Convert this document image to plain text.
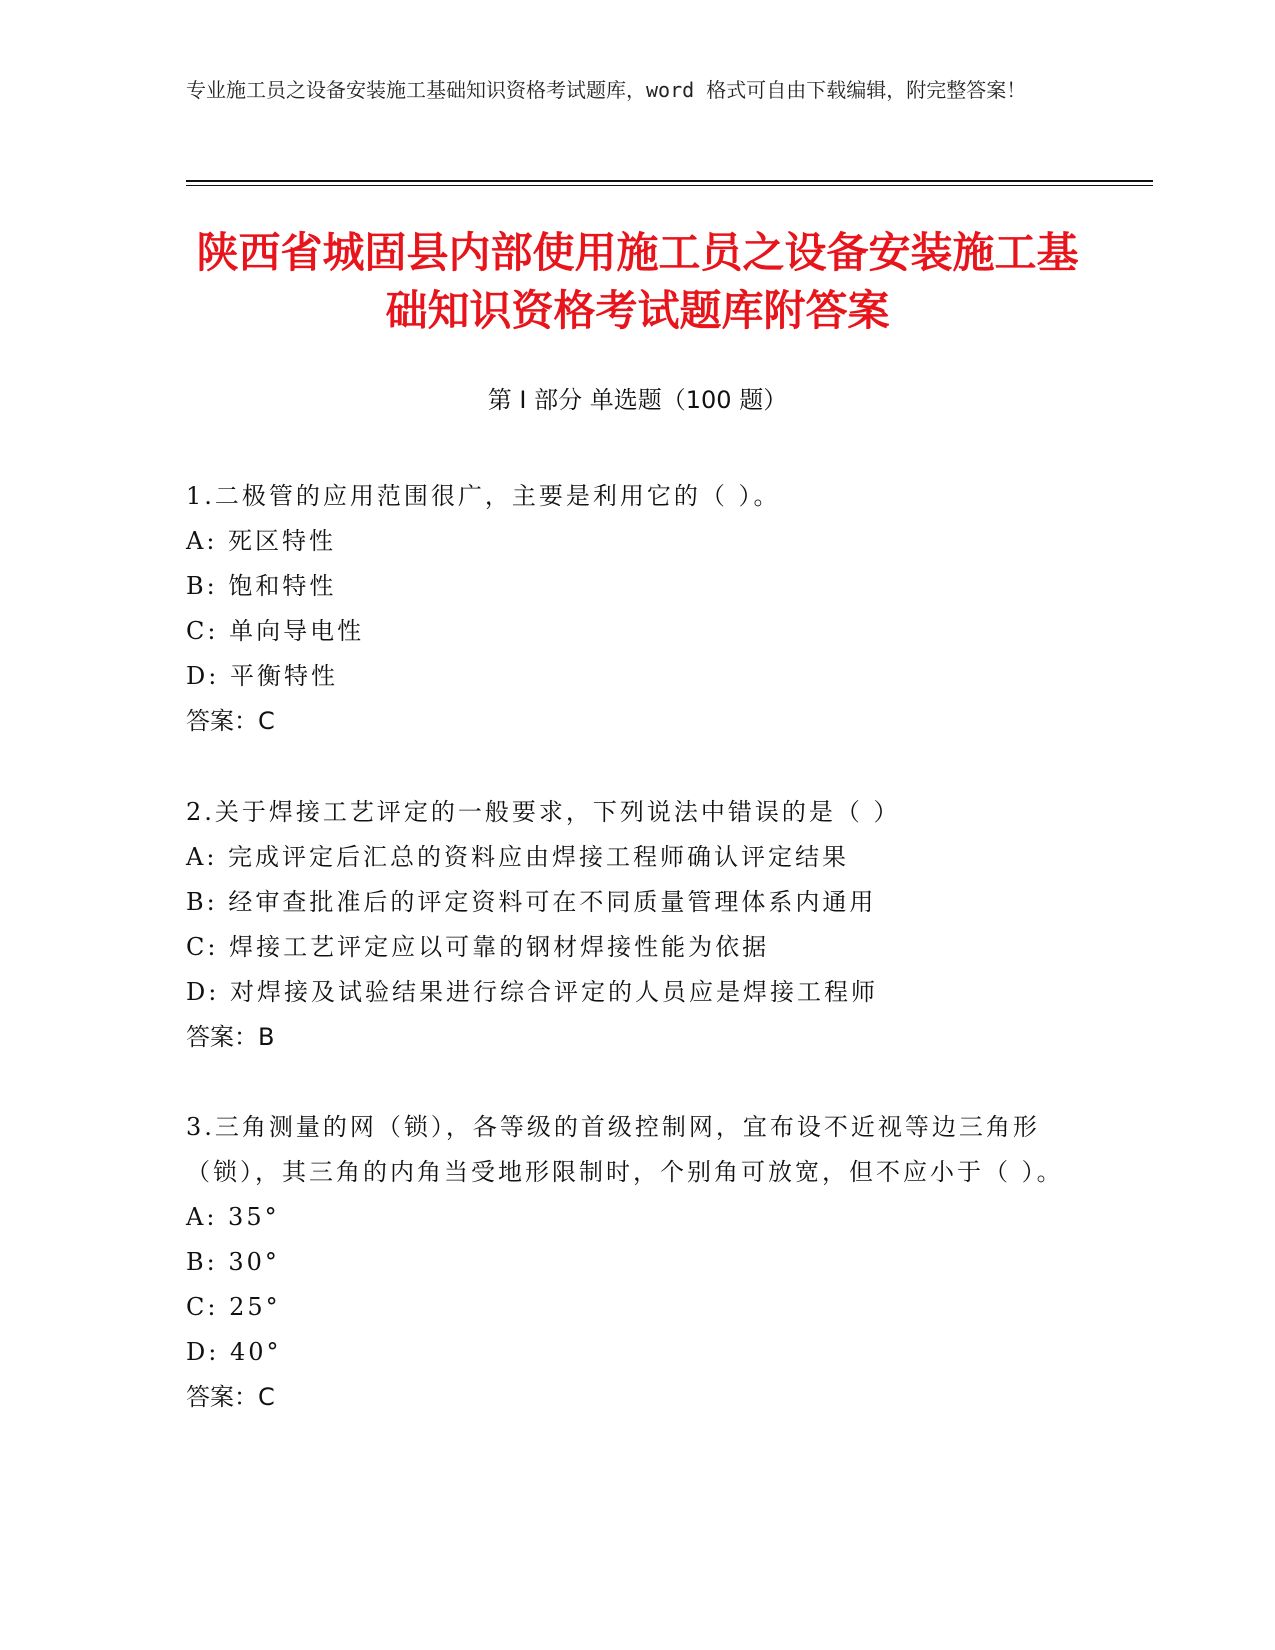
专业施工员之设备安装施工基础知识资格考试题库，word 格式可自由下载编辑，附完整答案！
陕西省城固县内部使用施工员之设备安装施工基础知识资格考试题库附答案
第 I 部分 单选题（100 题）

1.二极管的应用范围很广，主要是利用它的（ ）。

A: 死区特性

B: 饱和特性

C: 单向导电性

D: 平衡特性

答案：C

2.关于焊接工艺评定的一般要求，下列说法中错误的是（ ）

A: 完成评定后汇总的资料应由焊接工程师确认评定结果

B: 经审查批准后的评定资料可在不同质量管理体系内通用

C: 焊接工艺评定应以可靠的钢材焊接性能为依据

D: 对焊接及试验结果进行综合评定的人员应是焊接工程师

答案：B

3.三角测量的网（锁），各等级的首级控制网，宜布设不近视等边三角形（锁），其三角的内角当受地形限制时，个别角可放宽，但不应小于（ ）。

A: 35°

B: 30°

C: 25°

D: 40°

答案：C
